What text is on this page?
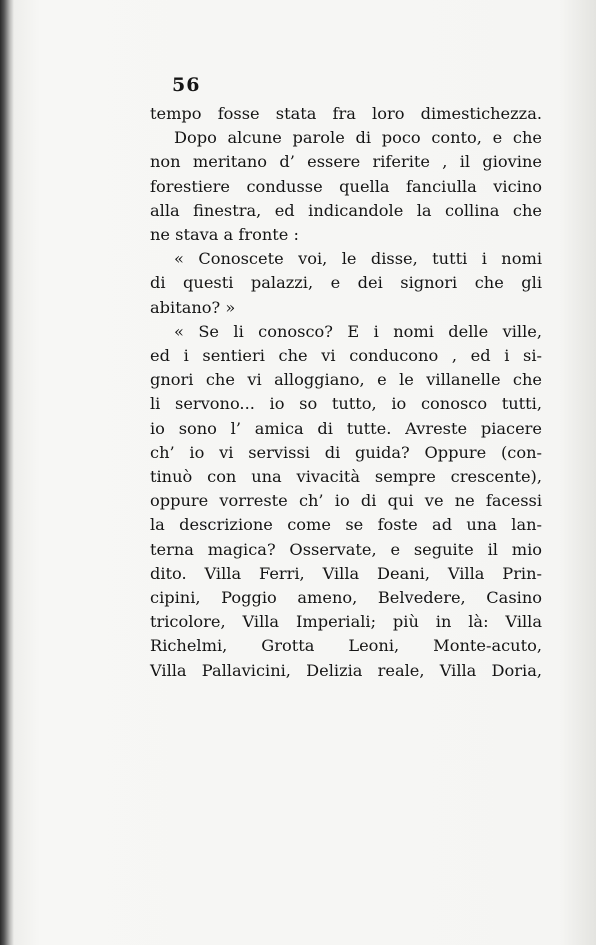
56
tempo fosse stata fra loro dimestichezza.
Dopo alcune parole di poco conto, e che
non meritano d’ essere riferite , il giovine
forestiere condusse quella fanciulla vicino
alla finestra, ed indicandole la collina che
ne stava a fronte :
« Conoscete voi, le disse, tutti i nomi
di questi palazzi, e dei signori che gli
abitano? »
« Se li conosco? E i nomi delle ville,
ed i sentieri che vi conducono , ed i si-
gnori che vi alloggiano, e le villanelle che
li servono... io so tutto, io conosco tutti,
io sono l’ amica di tutte. Avreste piacere
ch’ io vi servissi di guida? Oppure (con-
tinuò con una vivacità sempre crescente),
oppure vorreste ch’ io di qui ve ne facessi
la descrizione come se foste ad una lan-
terna magica? Osservate, e seguite il mio
dito. Villa Ferri, Villa Deani, Villa Prin-
cipini, Poggio ameno, Belvedere, Casino
tricolore, Villa Imperiali; più in là: Villa
Richelmi, Grotta Leoni, Monte-acuto,
Villa Pallavicini, Delizia reale, Villa Doria,
